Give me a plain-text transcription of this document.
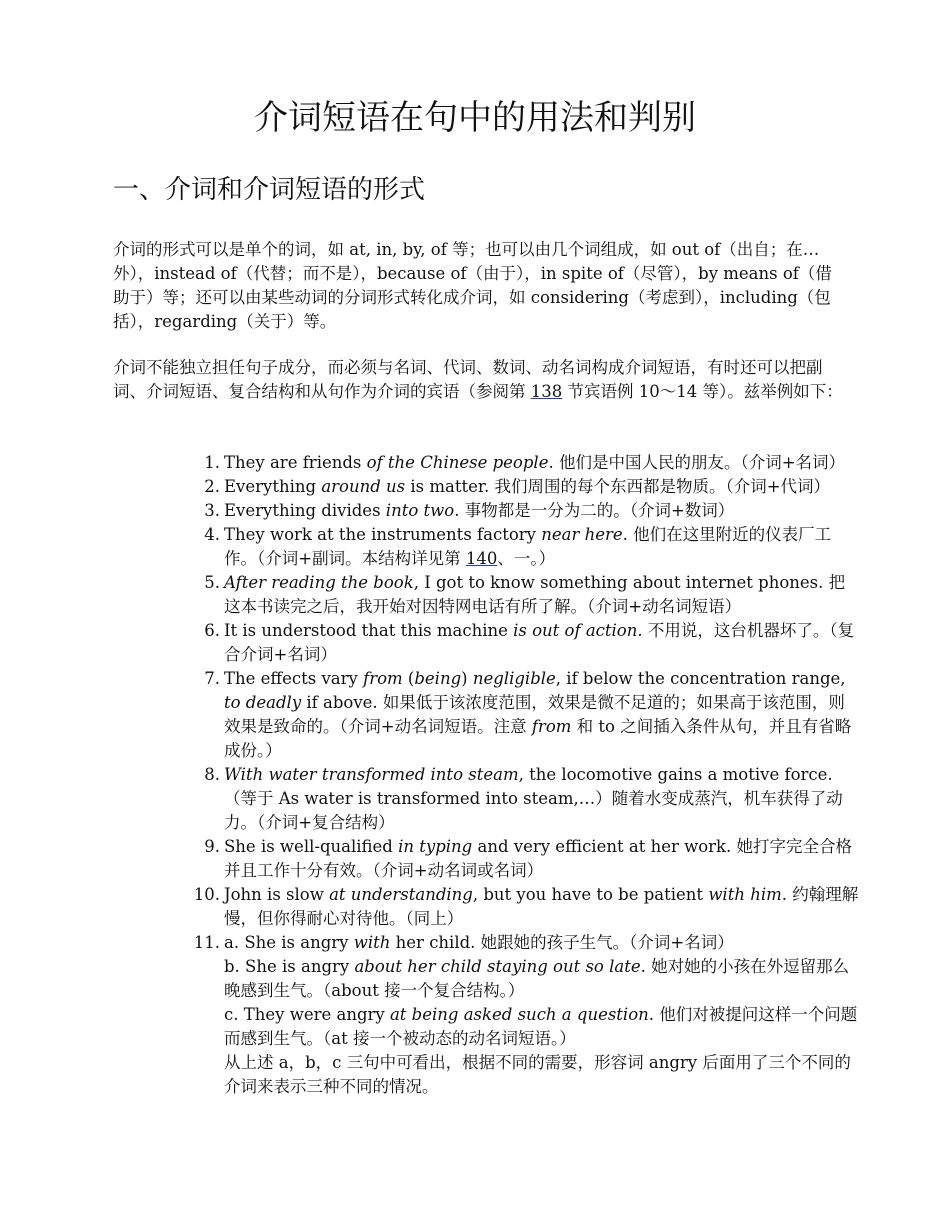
介词短语在句中的用法和判别
一、介词和介词短语的形式
介词的形式可以是单个的词，如 at, in, by, of 等；也可以由几个词组成，如 out of（出自；在…外），instead of（代替；而不是），because of（由于），in spite of（尽管），by means of（借助于）等；还可以由某些动词的分词形式转化成介词，如 considering（考虑到），including（包括），regarding（关于）等。
介词不能独立担任句子成分，而必须与名词、代词、数词、动名词构成介词短语，有时还可以把副词、介词短语、复合结构和从句作为介词的宾语（参阅第 138 节宾语例 10～14 等）。兹举例如下：
1. They are friends of the Chinese people. 他们是中国人民的朋友。（介词+名词）
2. Everything around us is matter. 我们周围的每个东西都是物质。（介词+代词）
3. Everything divides into two. 事物都是一分为二的。（介词+数词）
4. They work at the instruments factory near here. 他们在这里附近的仪表厂工作。（介词+副词。本结构详见第 140、一。）
5. After reading the book, I got to know something about internet phones. 把这本书读完之后，我开始对因特网电话有所了解。（介词+动名词短语）
6. It is understood that this machine is out of action. 不用说，这台机器坏了。（复合介词+名词）
7. The effects vary from (being) negligible, if below the concentration range, to deadly if above. 如果低于该浓度范围，效果是微不足道的；如果高于该范围，则效果是致命的。（介词+动名词短语。注意 from 和 to 之间插入条件从句，并且有省略成份。）
8. With water transformed into steam, the locomotive gains a motive force.（等于 As water is transformed into steam,…）随着水变成蒸汽，机车获得了动力。（介词+复合结构）
9. She is well-qualified in typing and very efficient at her work. 她打字完全合格并且工作十分有效。（介词+动名词或名词）
10. John is slow at understanding, but you have to be patient with him. 约翰理解慢，但你得耐心对待他。（同上）
11. a. She is angry with her child. 她跟她的孩子生气。（介词+名词）
b. She is angry about her child staying out so late. 她对她的小孩在外逗留那么晚感到生气。（about 接一个复合结构。）
c. They were angry at being asked such a question. 他们对被提问这样一个问题而感到生气。（at 接一个被动态的动名词短语。）
从上述 a，b，c 三句中可看出，根据不同的需要，形容词 angry 后面用了三个不同的介词来表示三种不同的情况。
